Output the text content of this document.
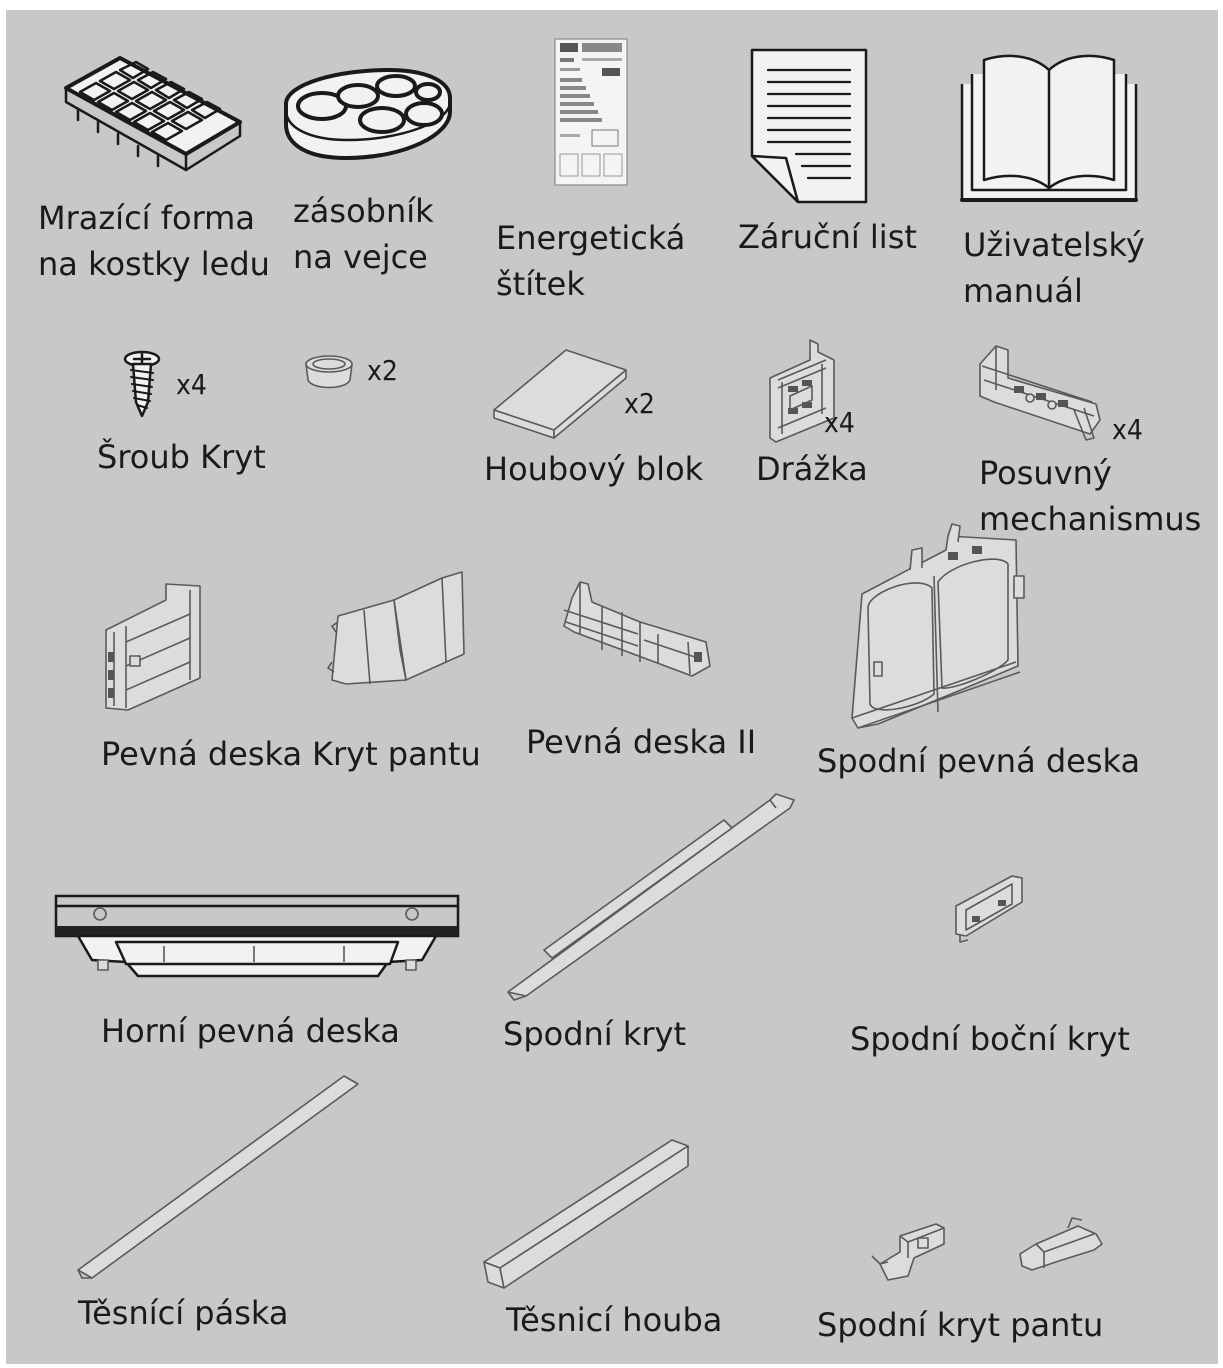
Mrazící forma
na kostky ledu

zásobník
na vejce Energetická
štítek

Záruční list Uživatelský
manuál

x4

Šroub Kryt

x2
x2

Houbový blok

x4

Drážka

x4

Posuvný
mechanismus

Pevná deska Kryt pantu Pevná deska II Spodní pevná deska

Horní pevná deska	Spodní kryt	Spodní boční kryt

Těsnící páska	Těsnicí houba	Spodní kryt pantu
